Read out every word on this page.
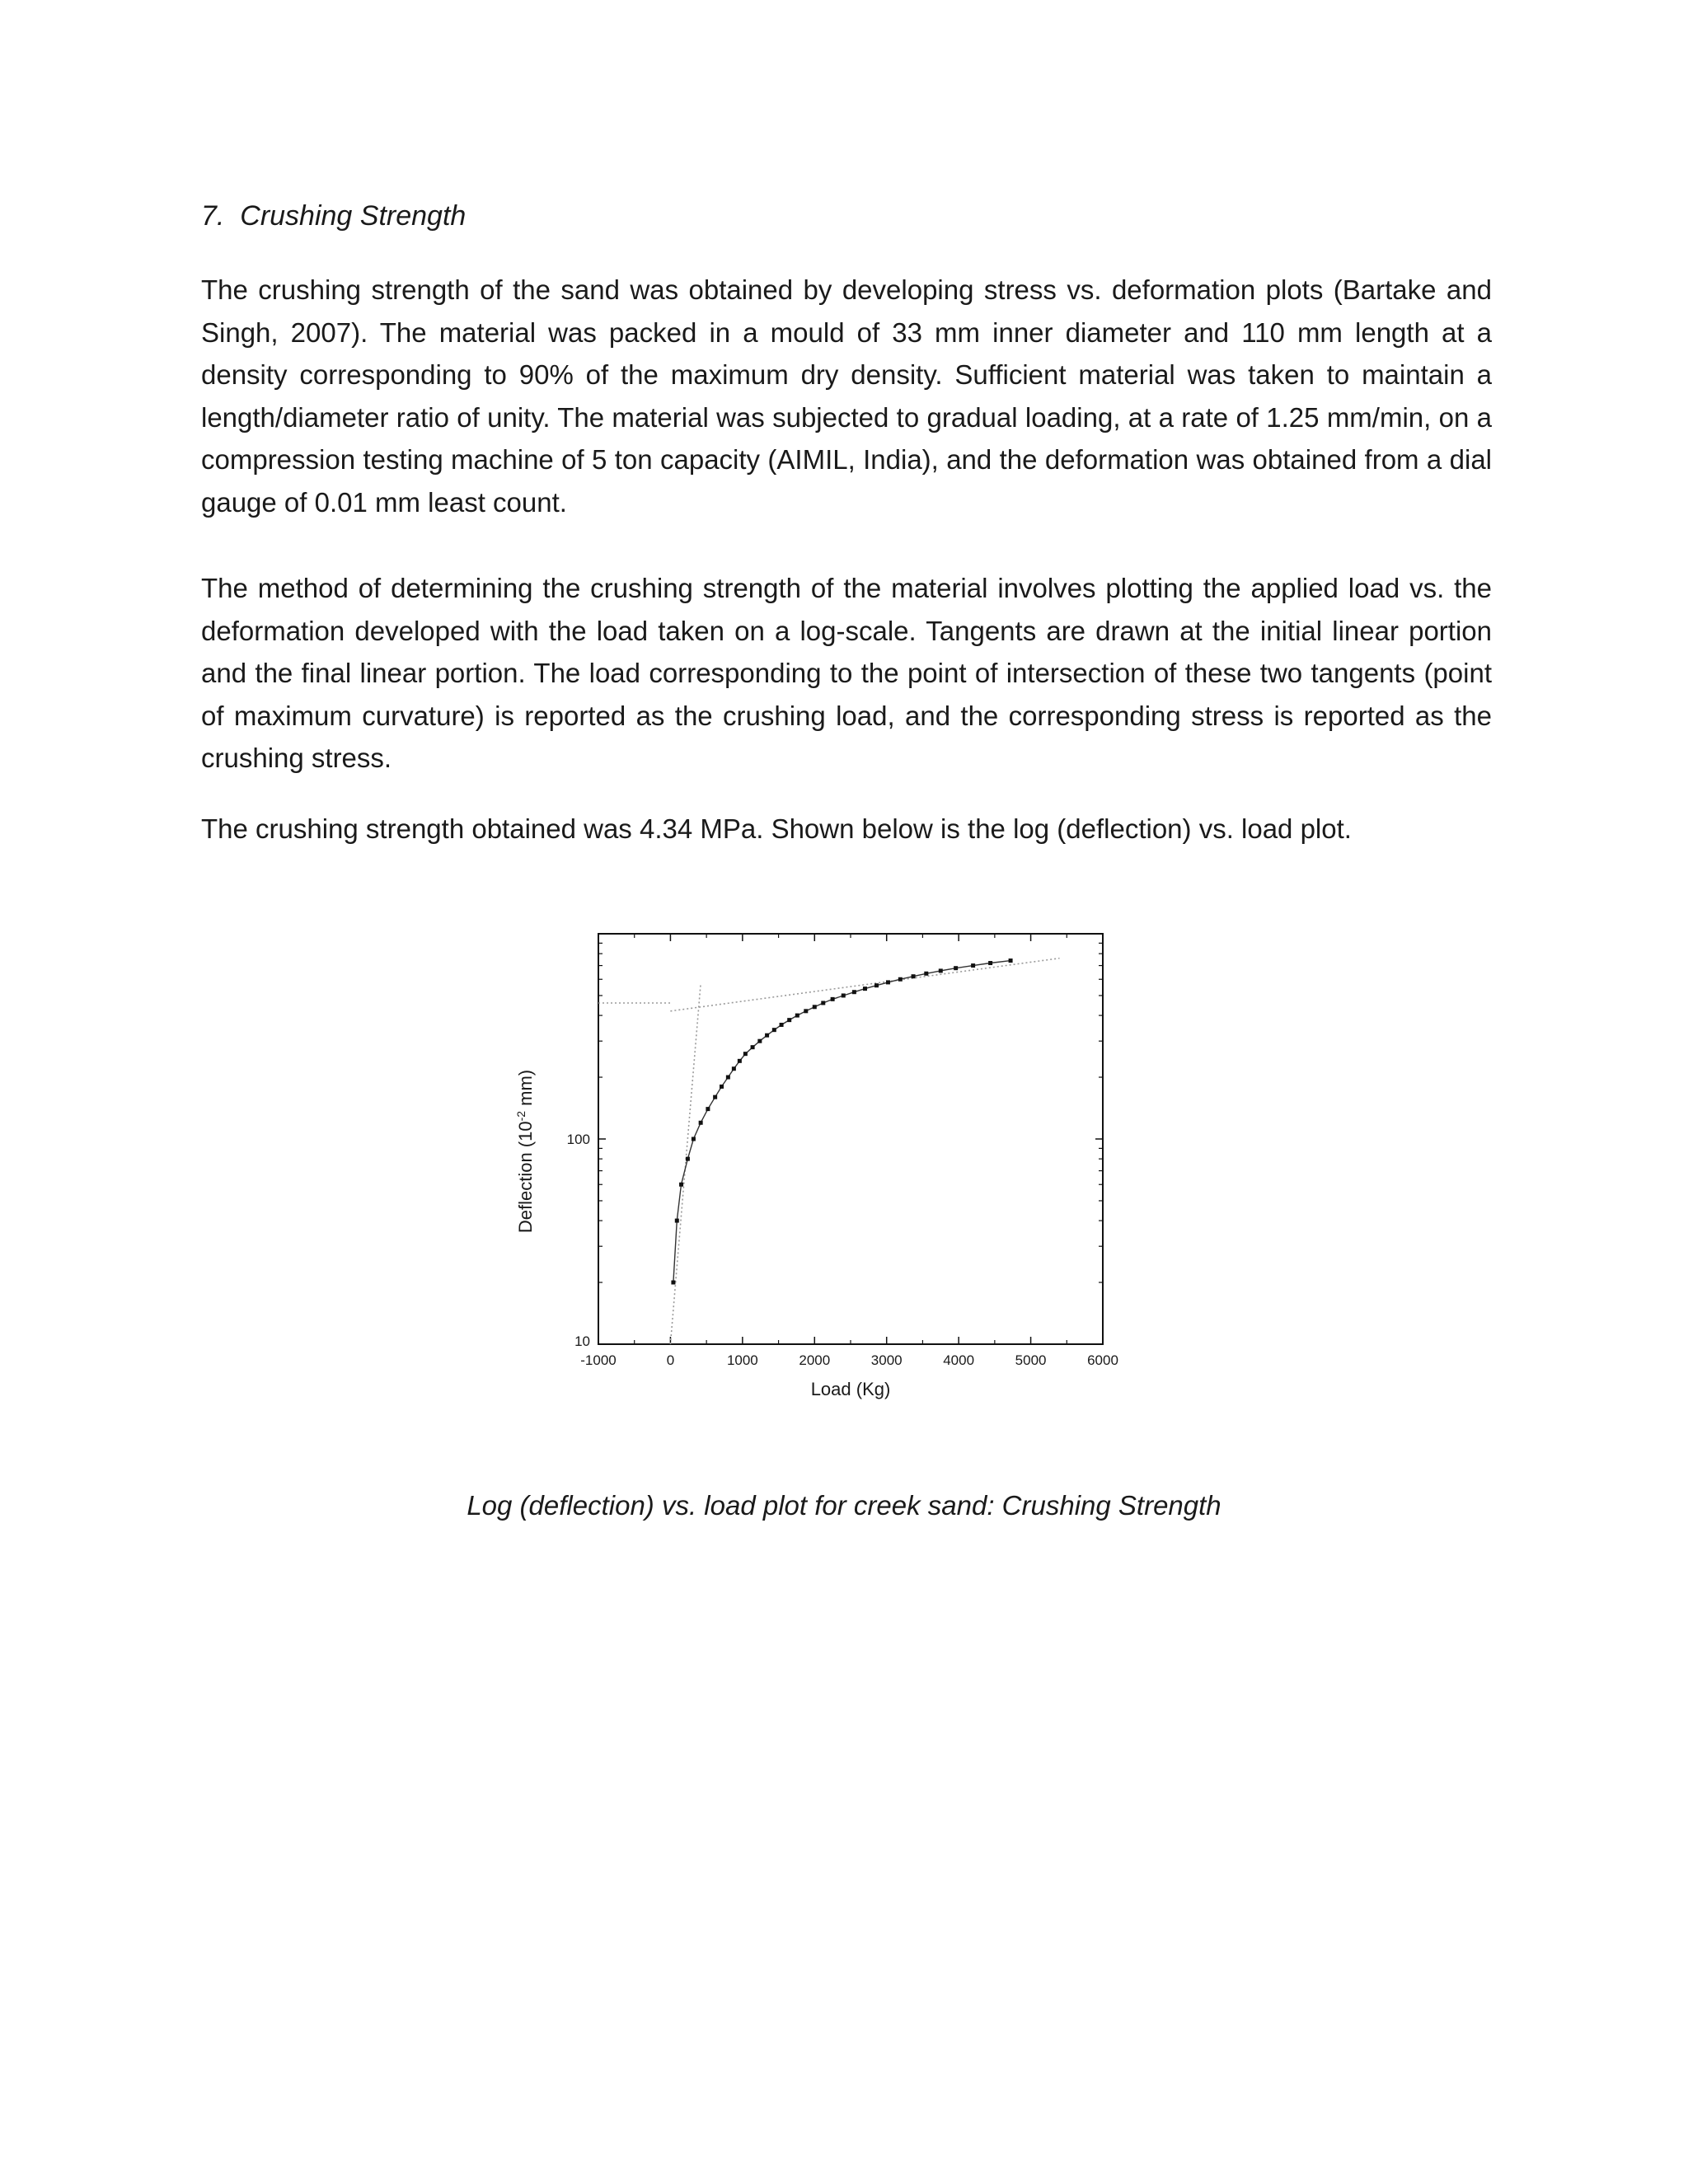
7. Crushing Strength

The crushing strength of the sand was obtained by developing stress vs. deformation plots (Bartake and Singh, 2007). The material was packed in a mould of 33 mm inner diameter and 110 mm length at a density corresponding to 90% of the maximum dry density. Sufficient material was taken to maintain a length/diameter ratio of unity. The material was subjected to gradual loading, at a rate of 1.25 mm/min, on a compression testing machine of 5 ton capacity (AIMIL, India), and the deformation was obtained from a dial gauge of 0.01 mm least count.

The method of determining the crushing strength of the material involves plotting the applied load vs. the deformation developed with the load taken on a log-scale. Tangents are drawn at the initial linear portion and the final linear portion. The load corresponding to the point of intersection of these two tangents (point of maximum curvature) is reported as the crushing load, and the corresponding stress is reported as the crushing stress.

The crushing strength obtained was 4.34 MPa. Shown below is the log (deflection) vs. load plot.

-1000	0	1000	2000	3000	4000	5000	6000
10
100
Deflection ($10^{-2}$ mm)
Load (Kg)
Log (deflection) vs. load plot for creek sand: Crushing Strength
